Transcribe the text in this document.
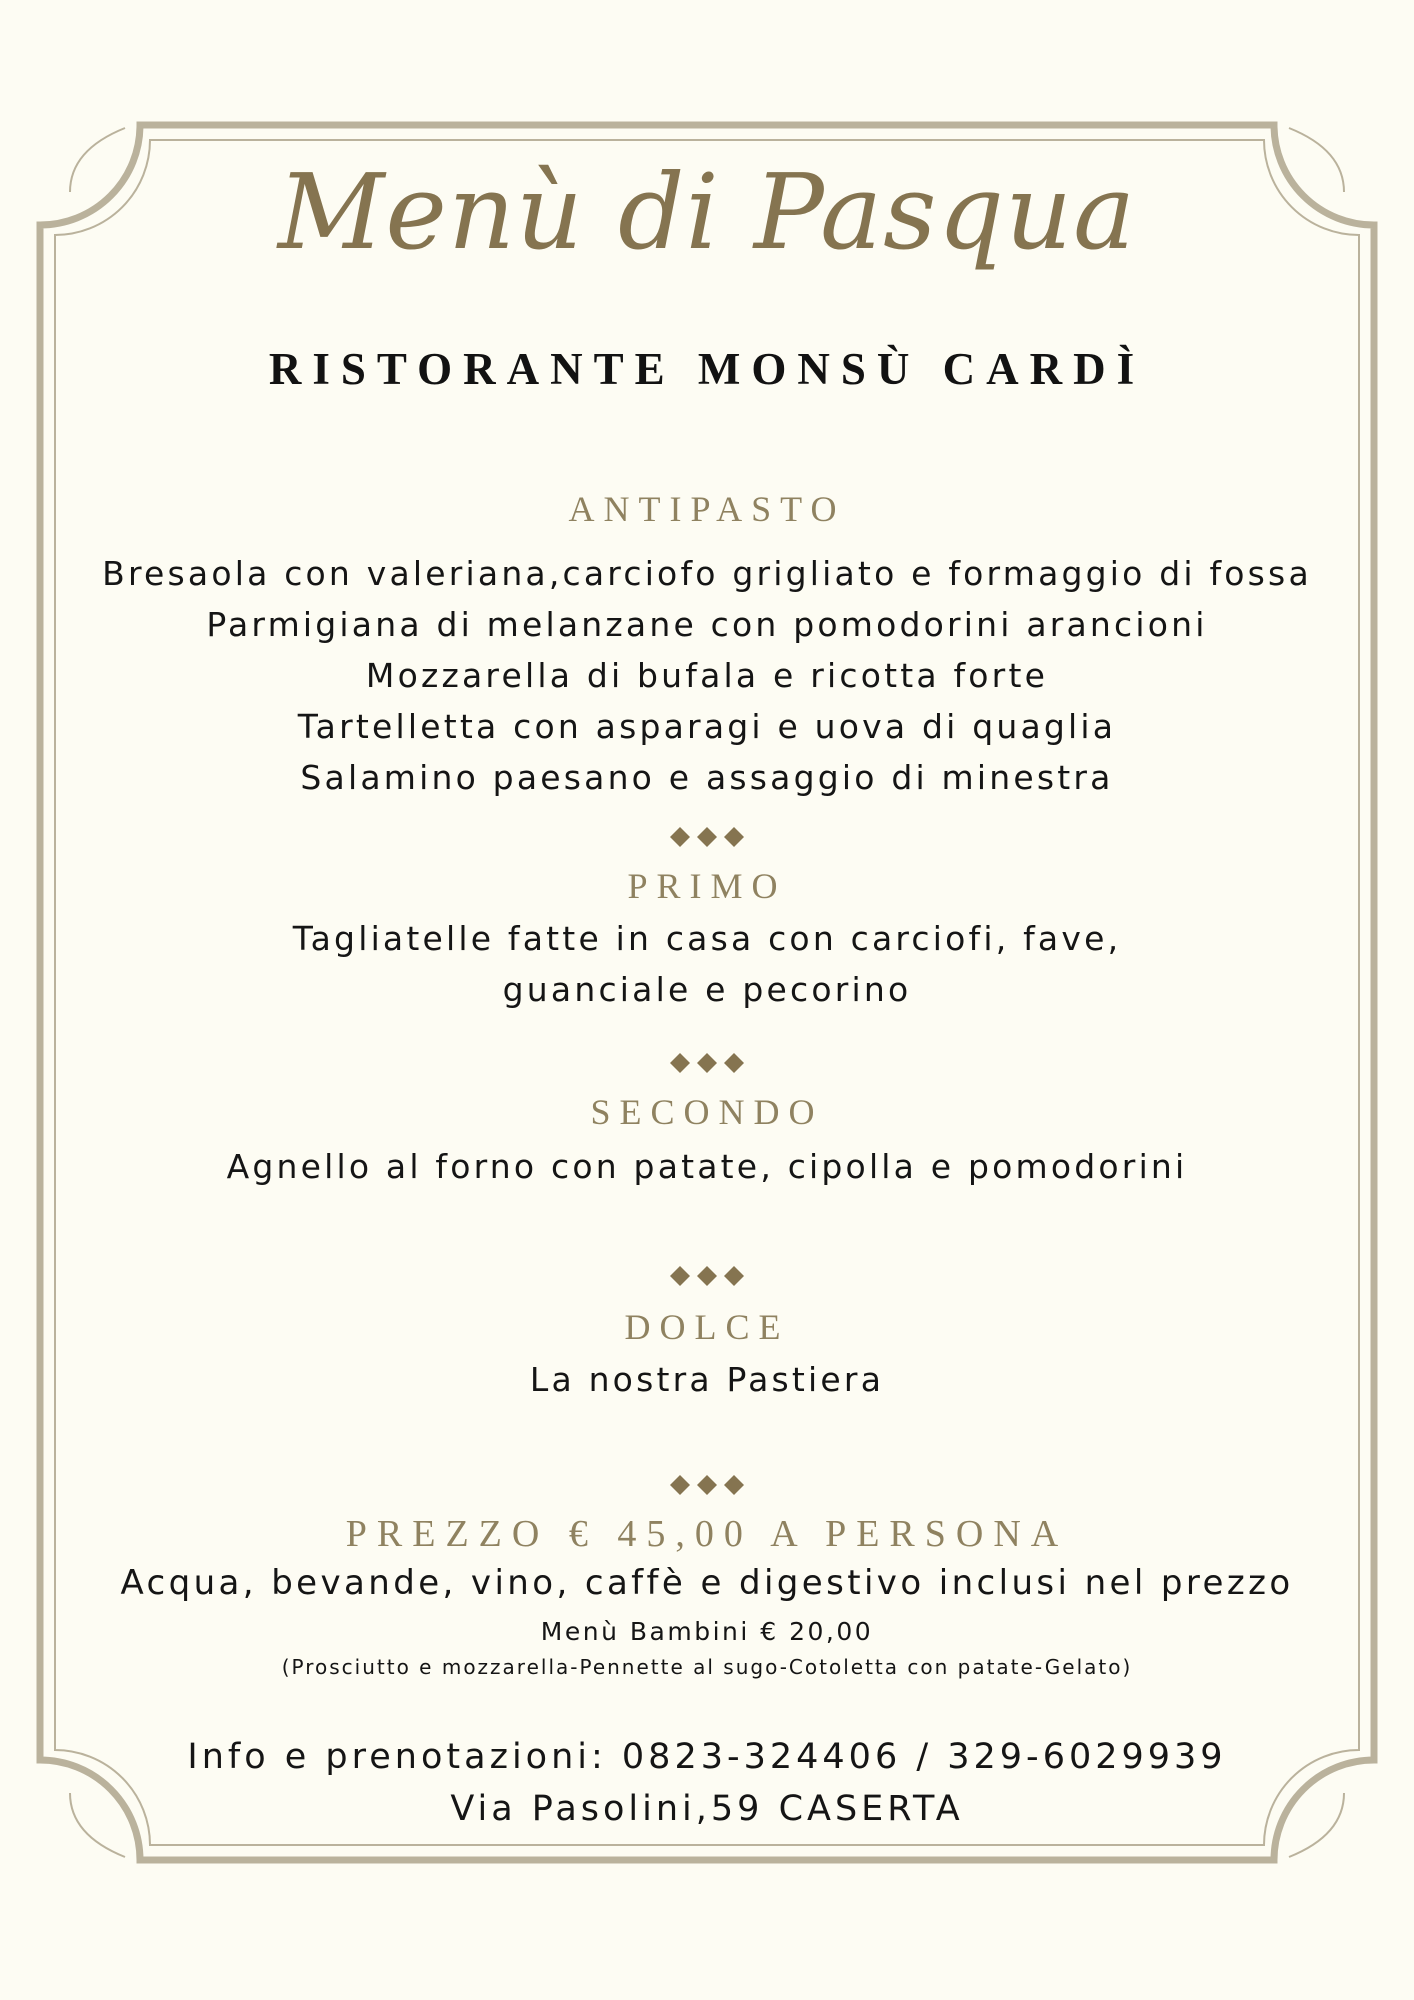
Menù di Pasqua
RISTORANTE MONSÙ CARDÌ
ANTIPASTO
Bresaola con valeriana,carciofo grigliato e formaggio di fossa
Parmigiana di melanzane con pomodorini arancioni
Mozzarella di bufala e ricotta forte
Tartelletta con asparagi e uova di quaglia
Salamino paesano e assaggio di minestra
PRIMO
Tagliatelle fatte in casa con carciofi, fave,
guanciale e pecorino
SECONDO
Agnello al forno con patate, cipolla e pomodorini
DOLCE
La nostra Pastiera
PREZZO € 45,00 A PERSONA
Acqua, bevande, vino, caffè e digestivo inclusi nel prezzo
Menù Bambini € 20,00
(Prosciutto e mozzarella-Pennette al sugo-Cotoletta con patate-Gelato)
Info e prenotazioni: 0823-324406 / 329-6029939
Via Pasolini,59 CASERTA
